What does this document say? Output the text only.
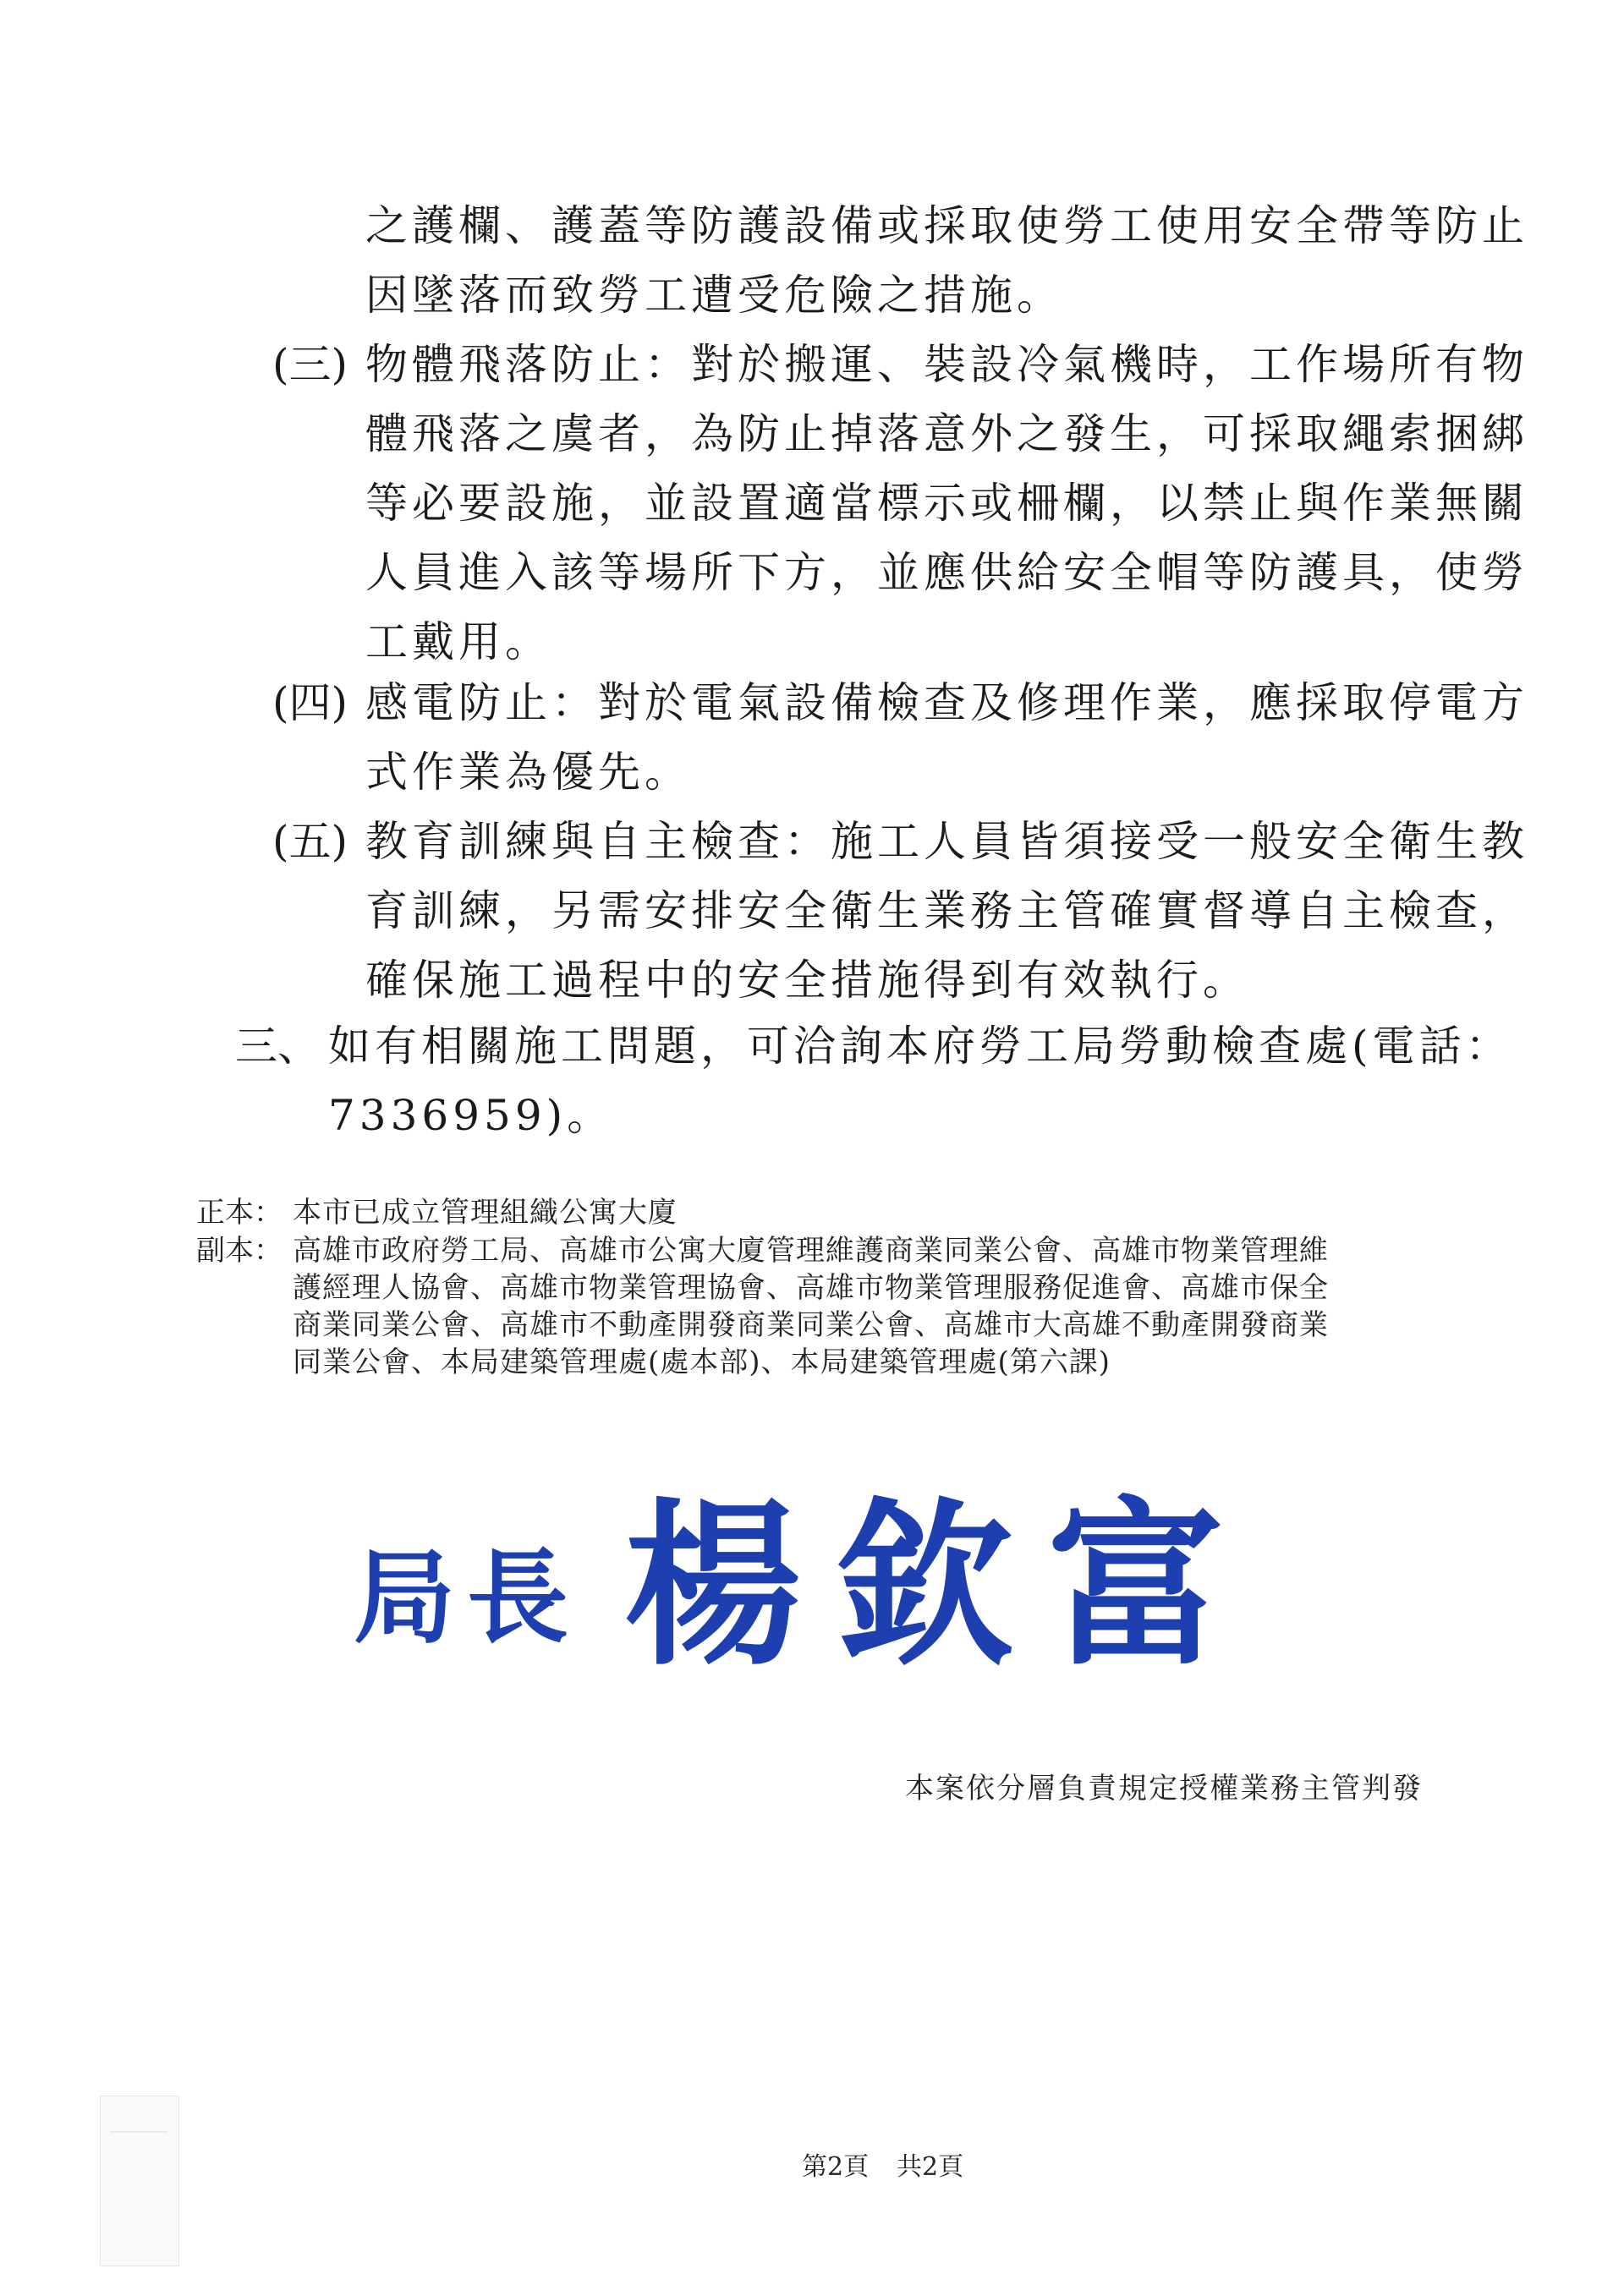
之護欄、護蓋等防護設備或採取使勞工使用安全帶等防止
因墜落而致勞工遭受危險之措施。
(三) 物體飛落防止：對於搬運、裝設冷氣機時，工作場所有物
體飛落之虞者，為防止掉落意外之發生，可採取繩索捆綁
等必要設施，並設置適當標示或柵欄，以禁止與作業無關
人員進入該等場所下方，並應供給安全帽等防護具，使勞
工戴用。
(四) 感電防止：對於電氣設備檢查及修理作業，應採取停電方
式作業為優先。
(五) 教育訓練與自主檢查：施工人員皆須接受一般安全衛生教
育訓練，另需安排安全衛生業務主管確實督導自主檢查，
確保施工過程中的安全措施得到有效執行。
三、 如有相關施工問題，可洽詢本府勞工局勞動檢查處(電話：
7336959)。
正本： 本市已成立管理組織公寓大廈
副本： 高雄市政府勞工局、高雄市公寓大廈管理維護商業同業公會、高雄市物業管理維
護經理人協會、高雄市物業管理協會、高雄市物業管理服務促進會、高雄市保全
商業同業公會、高雄市不動產開發商業同業公會、高雄市大高雄不動產開發商業
同業公會、本局建築管理處(處本部)、本局建築管理處(第六課)
局長 楊欽富
本案依分層負責規定授權業務主管判發
第2頁 共2頁
